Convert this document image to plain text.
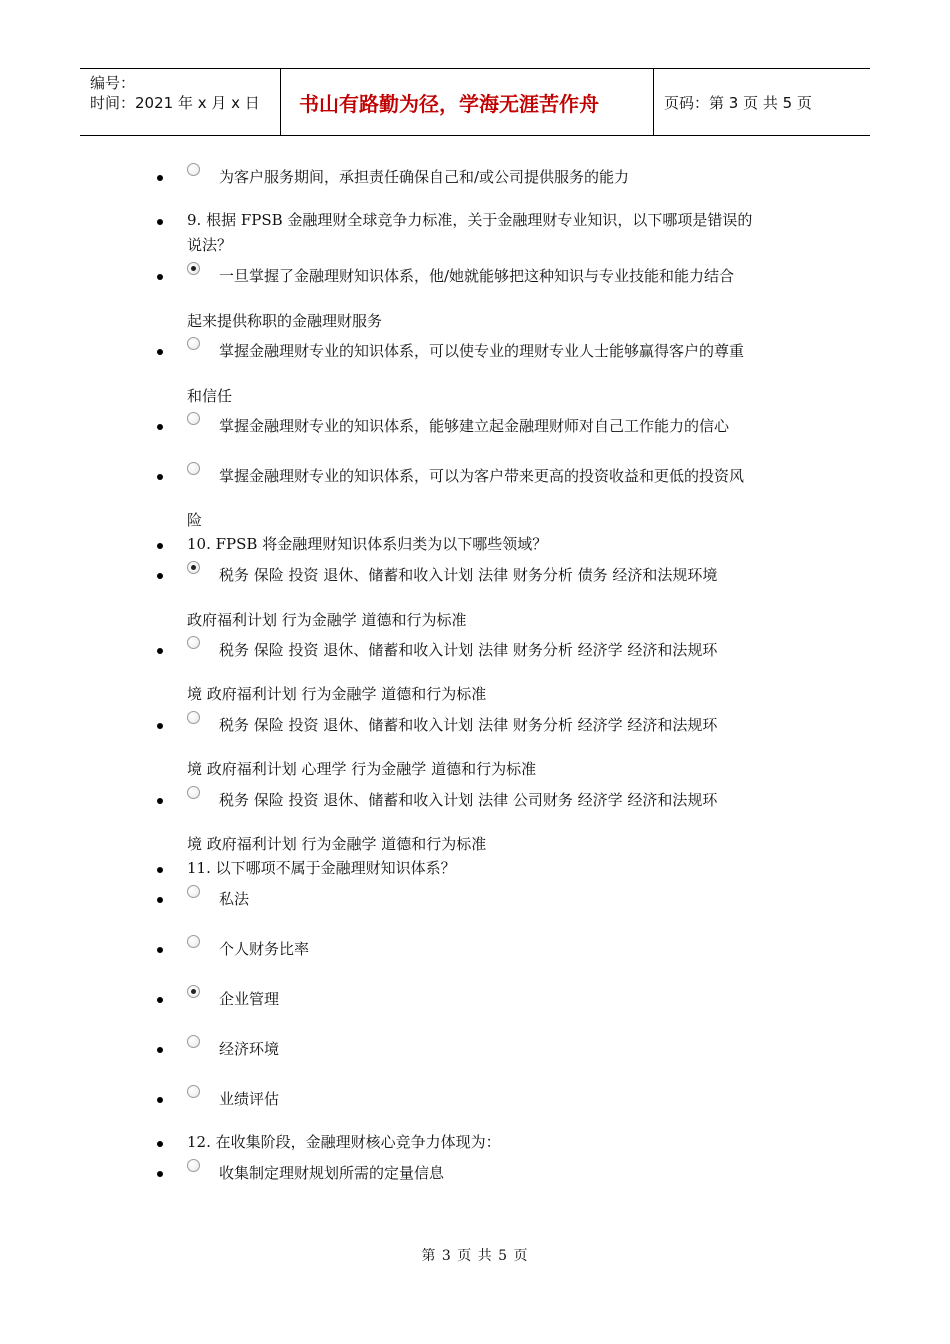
编号：
时间：2021 年 x 月 x 日	书山有路勤为径，学海无涯苦作舟	页码：第 3 页 共 5 页
为客户服务期间，承担责任确保自己和/或公司提供服务的能力
9. 根据 FPSB 金融理财全球竞争力标准，关于金融理财专业知识，以下哪项是错误的
说法？
一旦掌握了金融理财知识体系，他/她就能够把这种知识与专业技能和能力结合
起来提供称职的金融理财服务
掌握金融理财专业的知识体系，可以使专业的理财专业人士能够赢得客户的尊重
和信任
掌握金融理财专业的知识体系，能够建立起金融理财师对自己工作能力的信心
掌握金融理财专业的知识体系，可以为客户带来更高的投资收益和更低的投资风
险
10. FPSB 将金融理财知识体系归类为以下哪些领域？
税务 保险 投资 退休、储蓄和收入计划 法律 财务分析 债务 经济和法规环境
政府福利计划 行为金融学 道德和行为标准
税务 保险 投资 退休、储蓄和收入计划 法律 财务分析 经济学 经济和法规环
境 政府福利计划 行为金融学 道德和行为标准
税务 保险 投资 退休、储蓄和收入计划 法律 财务分析 经济学 经济和法规环
境 政府福利计划 心理学 行为金融学 道德和行为标准
税务 保险 投资 退休、储蓄和收入计划 法律 公司财务 经济学 经济和法规环
境 政府福利计划 行为金融学 道德和行为标准
11. 以下哪项不属于金融理财知识体系？
私法
个人财务比率
企业管理
经济环境
业绩评估
12. 在收集阶段，金融理财核心竞争力体现为：
收集制定理财规划所需的定量信息
第 3 页 共 5 页
